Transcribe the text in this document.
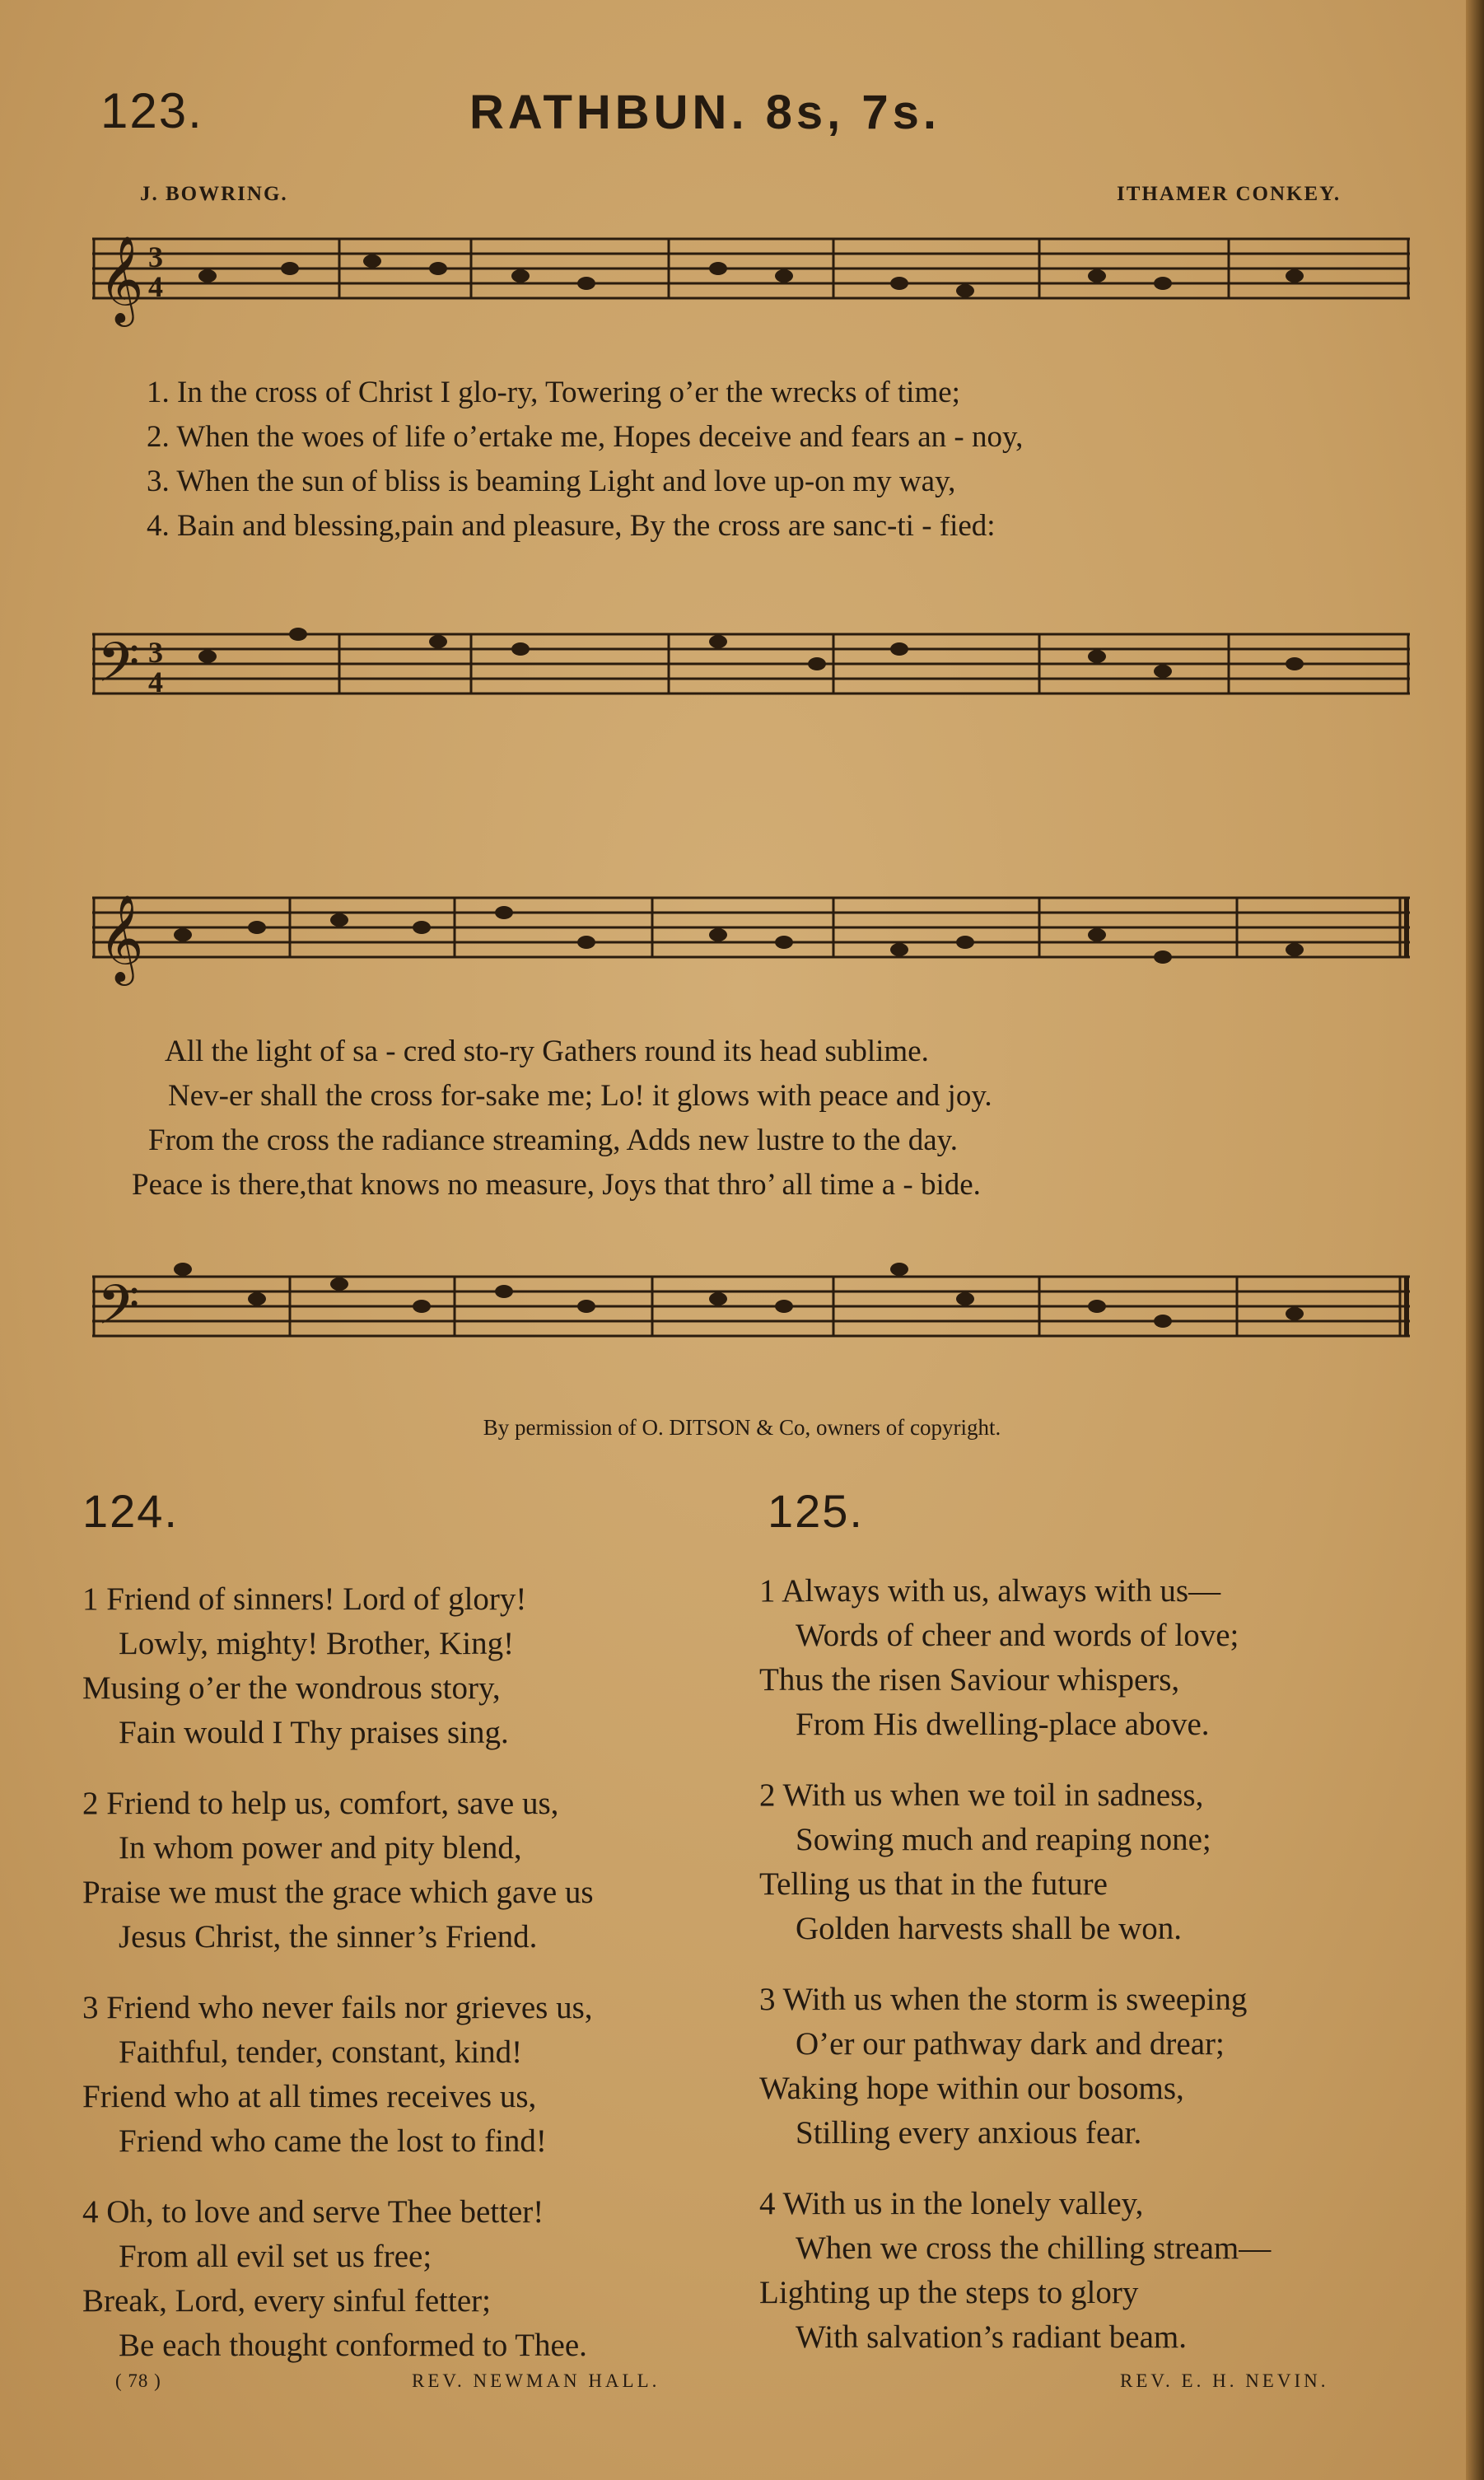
123.	RATHBUN. 8s, 7s.
J. BOWRING.	ITHAMER CONKEY.
𝄞 3
4
1. In the cross of Christ I glo-ry, Towering o’er the wrecks of time;
2. When the woes of life o’ertake me, Hopes deceive and fears an - noy,
3. When the sun of bliss is beaming Light and love up-on my way,
4. Bain and blessing,pain and pleasure, By the cross are sanc-ti - fied:
𝄢 3
4
𝄞
All the light of sa - cred sto-ry Gathers round its head sublime.
Nev-er shall the cross for-sake me; Lo! it glows with peace and joy.
From the cross the radiance streaming, Adds new lustre to the day.
Peace is there,that knows no measure, Joys that thro’ all time a - bide.
𝄢
By permission of O. DITSON & Co, owners of copyright.
124.
1 Friend of sinners! Lord of glory!
Lowly, mighty! Brother, King!
Musing o’er the wondrous story,
Fain would I Thy praises sing.
2 Friend to help us, comfort, save us,
In whom power and pity blend,
Praise we must the grace which gave us
Jesus Christ, the sinner’s Friend.
3 Friend who never fails nor grieves us,
Faithful, tender, constant, kind!
Friend who at all times receives us,
Friend who came the lost to find!
4 Oh, to love and serve Thee better!
From all evil set us free;
Break, Lord, every sinful fetter;
Be each thought conformed to Thee.
125.
1 Always with us, always with us—
Words of cheer and words of love;
Thus the risen Saviour whispers,
From His dwelling-place above.
2 With us when we toil in sadness,
Sowing much and reaping none;
Telling us that in the future
Golden harvests shall be won.
3 With us when the storm is sweeping
O’er our pathway dark and drear;
Waking hope within our bosoms,
Stilling every anxious fear.
4 With us in the lonely valley,
When we cross the chilling stream—
Lighting up the steps to glory
With salvation’s radiant beam.
( 78 )	REV. NEWMAN HALL.	REV. E. H. NEVIN.
